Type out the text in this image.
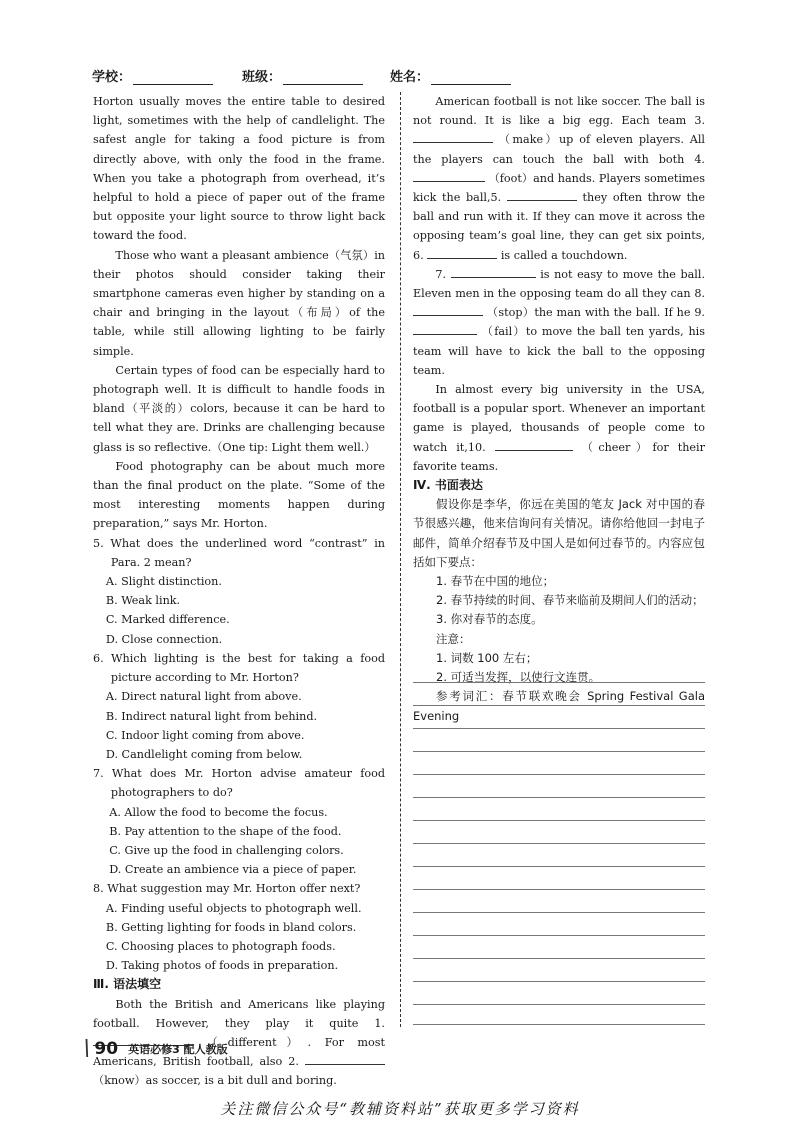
学校：	班级：	姓名：

Horton usually moves the entire table to desired light, sometimes with the help of candlelight. The safest angle for taking a food picture is from directly above, with only the food in the frame. When you take a photograph from overhead, it’s helpful to hold a piece of paper out of the frame but opposite your light source to throw light back toward the food.

Those who want a pleasant ambience（气氛）in their photos should consider taking their smartphone cameras even higher by standing on a chair and bringing in the layout（布局）of the table, while still allowing lighting to be fairly simple.

Certain types of food can be especially hard to photograph well. It is difficult to handle foods in bland（平淡的）colors, because it can be hard to tell what they are. Drinks are challenging because glass is so reflective.（One tip: Light them well.）

Food photography can be about much more than the final product on the plate. “Some of the most interesting moments happen during preparation,” says Mr. Horton.

5. What does the underlined word “contrast” in Para. 2 mean?

A. Slight distinction.

B. Weak link.

C. Marked difference.

D. Close connection.

6. Which lighting is the best for taking a food picture according to Mr. Horton?

A. Direct natural light from above.

B. Indirect natural light from behind.

C. Indoor light coming from above.

D. Candlelight coming from below.

7. What does Mr. Horton advise amateur food photographers to do?

A. Allow the food to become the focus.

B. Pay attention to the shape of the food.

C. Give up the food in challenging colors.

D. Create an ambience via a piece of paper.

8. What suggestion may Mr. Horton offer next?

A. Finding useful objects to photograph well.

B. Getting lighting for foods in bland colors.

C. Choosing places to photograph foods.

D. Taking photos of foods in preparation.

Ⅲ. 语法填空

Both the British and Americans like playing football. However, they play it quite 1.  （different）. For most Americans, British football, also 2.  （know）as soccer, is a bit dull and boring.

American football is not like soccer. The ball is not round. It is like a big egg. Each team 3.  （make）up of eleven players. All the players can touch the ball with both 4.  （foot）and hands. Players sometimes kick the ball,5.	they often throw the ball and run with it. If they can move it across the opposing team’s goal line, they can get six points, 6.	is called a touchdown.

7.	is not easy to move the ball. Eleven men in the opposing team do all they can 8.  （stop）the man with the ball. If he 9.  （fail）to move the ball ten yards, his team will have to kick the ball to the opposing team.

In almost every big university in the USA, football is a popular sport. Whenever an important game is played, thousands of people come to watch it,10.	（cheer）for their favorite teams.

Ⅳ. 书面表达

假设你是李华，你远在美国的笔友 Jack 对中国的春节很感兴趣，他来信询问有关情况。请你给他回一封电子邮件，简单介绍春节及中国人是如何过春节的。内容应包括如下要点：

1. 春节在中国的地位；

2. 春节持续的时间、春节来临前及期间人们的活动；

3. 你对春节的态度。

注意：

1. 词数 100 左右；

2. 可适当发挥，以使行文连贯。

参考词汇：春节联欢晚会 Spring Festival Gala Evening

\ 90 英语必修3 配人教版
关注微信公众号“教辅资料站”获取更多学习资料
